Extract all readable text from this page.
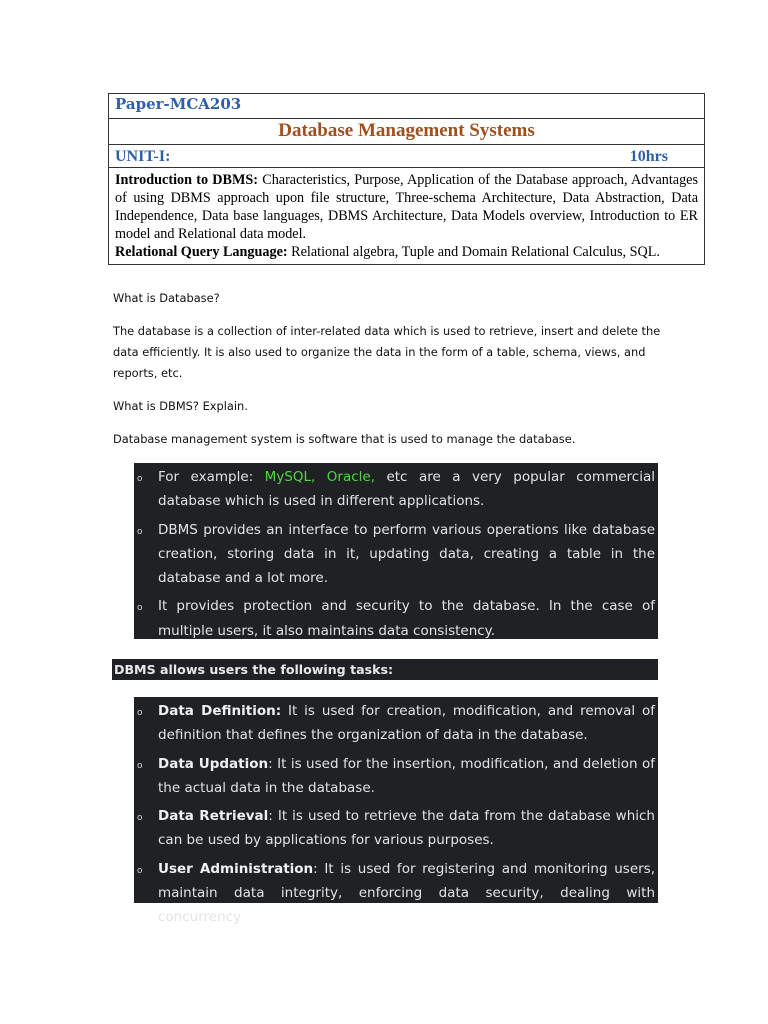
Paper-MCA203
Database Management Systems
UNIT-I:	10hrs

Introduction to DBMS: Characteristics, Purpose, Application of the Database approach, Advantages of using DBMS approach upon file structure, Three-schema Architecture, Data Abstraction, Data Independence, Data base languages, DBMS Architecture, Data Models overview, Introduction to ER model and Relational data model.

Relational Query Language: Relational algebra, Tuple and Domain Relational Calculus, SQL.

What is Database?
The database is a collection of inter-related data which is used to retrieve, insert and delete the data efficiently. It is also used to organize the data in the form of a table, schema, views, and reports, etc.
What is DBMS? Explain.
Database management system is software that is used to manage the database.
o For example: MySQL, Oracle, etc are a very popular commercial database which is used in different applications.
o DBMS provides an interface to perform various operations like database creation, storing data in it, updating data, creating a table in the database and a lot more.
o It provides protection and security to the database. In the case of multiple users, it also maintains data consistency.
DBMS allows users the following tasks:
o Data Definition: It is used for creation, modification, and removal of definition that defines the organization of data in the database.
o Data Updation: It is used for the insertion, modification, and deletion of the actual data in the database.
o Data Retrieval: It is used to retrieve the data from the database which can be used by applications for various purposes.
o User Administration: It is used for registering and monitoring users, maintain data integrity, enforcing data security, dealing with concurrency
